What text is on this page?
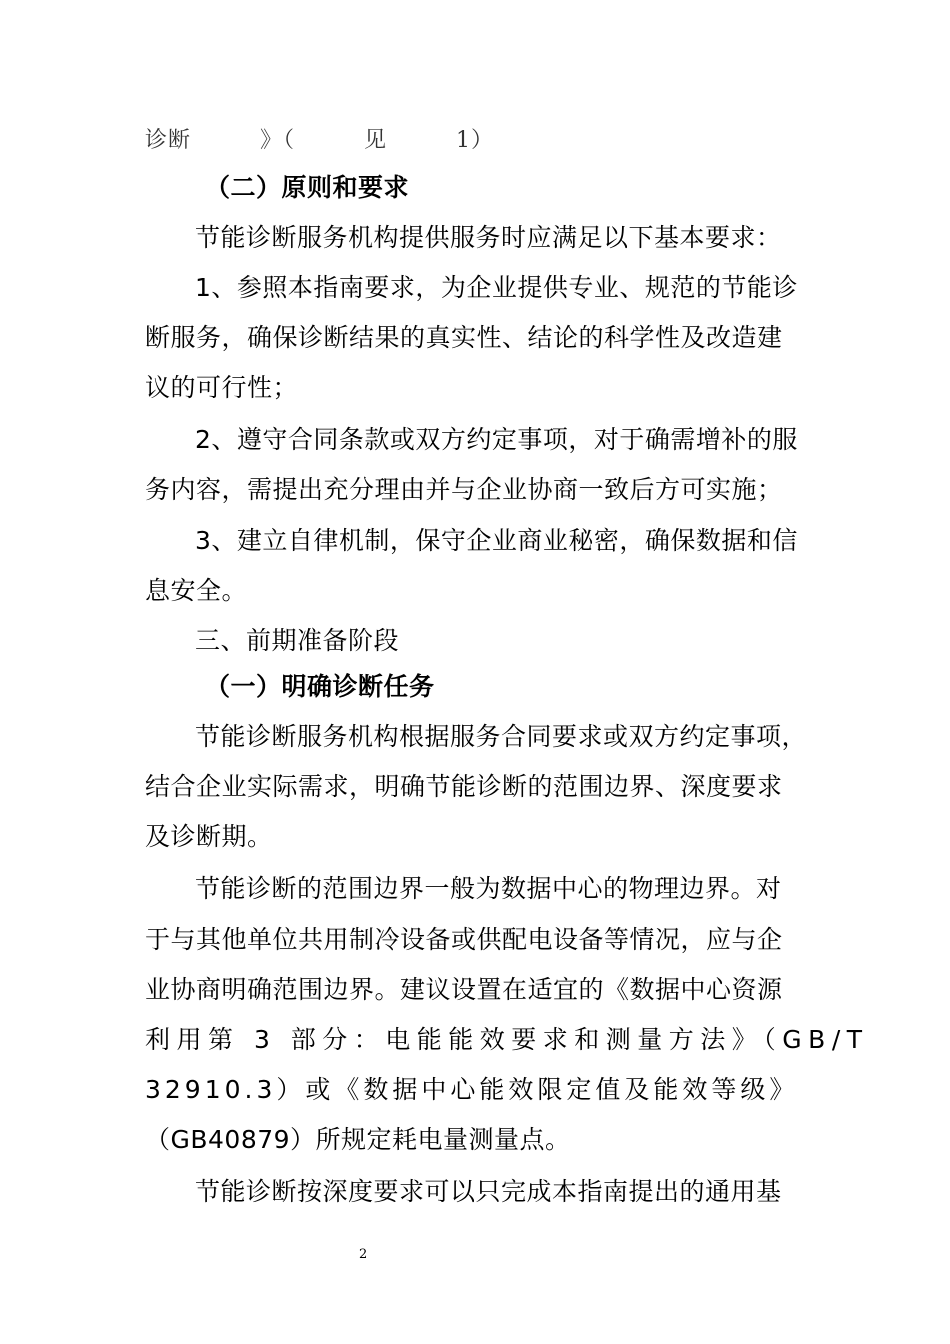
诊断　　　》（　　　见　　　1）
（二）原则和要求
节能诊断服务机构提供服务时应满足以下基本要求：
1、参照本指南要求，为企业提供专业、规范的节能诊
断服务，确保诊断结果的真实性、结论的科学性及改造建
议的可行性；
2、遵守合同条款或双方约定事项，对于确需增补的服
务内容，需提出充分理由并与企业协商一致后方可实施；
3、建立自律机制，保守企业商业秘密，确保数据和信
息安全。
三、前期准备阶段
（一）明确诊断任务
节能诊断服务机构根据服务合同要求或双方约定事项，
结合企业实际需求，明确节能诊断的范围边界、深度要求
及诊断期。
节能诊断的范围边界一般为数据中心的物理边界。对
于与其他单位共用制冷设备或供配电设备等情况，应与企
业协商明确范围边界。建议设置在适宜的《数据中心资源
利用第 3 部分：电能能效要求和测量方法》（GB/T
32910.3）或《数据中心能效限定值及能效等级》
（GB40879）所规定耗电量测量点。
节能诊断按深度要求可以只完成本指南提出的通用基
2
